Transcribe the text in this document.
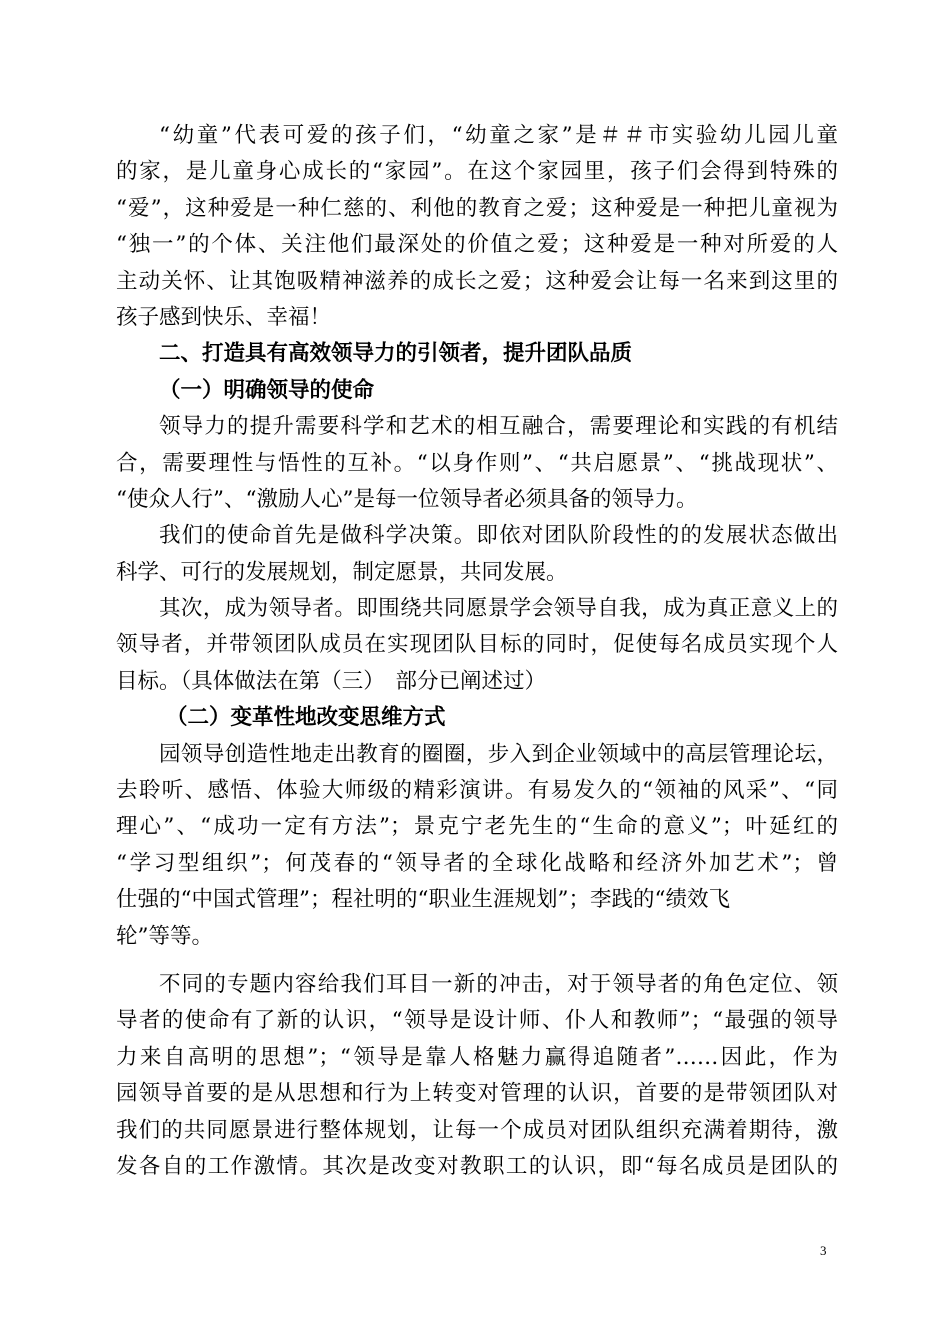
“幼童”代表可爱的孩子们，“幼童之家”是＃＃市实验幼儿园儿童
的家，是儿童身心成长的“家园”。在这个家园里，孩子们会得到特殊的
“爱”，这种爱是一种仁慈的、利他的教育之爱；这种爱是一种把儿童视为
“独一”的个体、关注他们最深处的价值之爱；这种爱是一种对所爱的人
主动关怀、让其饱吸精神滋养的成长之爱；这种爱会让每一名来到这里的
孩子感到快乐、幸福！
二、打造具有高效领导力的引领者，提升团队品质
（一）明确领导的使命
领导力的提升需要科学和艺术的相互融合，需要理论和实践的有机结
合，需要理性与悟性的互补。“以身作则”、“共启愿景”、“挑战现状”、
“使众人行”、“激励人心”是每一位领导者必须具备的领导力。
我们的使命首先是做科学决策。即依对团队阶段性的的发展状态做出
科学、可行的发展规划，制定愿景，共同发展。
其次，成为领导者。即围绕共同愿景学会领导自我，成为真正意义上的
领导者，并带领团队成员在实现团队目标的同时，促使每名成员实现个人
目标。（具体做法在第（三）　部分已阐述过）
（二）变革性地改变思维方式
园领导创造性地走出教育的圈圈，步入到企业领域中的高层管理论坛，
去聆听、感悟、体验大师级的精彩演讲。有易发久的“领袖的风采”、“同
理心”、“成功一定有方法”；景克宁老先生的“生命的意义”；叶延红的
“学习型组织”；何茂春的“领导者的全球化战略和经济外加艺术”；曾
仕强的“中国式管理”；程社明的“职业生涯规划”；李践的“绩效飞
轮”等等。
不同的专题内容给我们耳目一新的冲击，对于领导者的角色定位、领
导者的使命有了新的认识，“领导是设计师、仆人和教师”；“最强的领导
力来自高明的思想”；“领导是靠人格魅力赢得追随者”……因此，作为
园领导首要的是从思想和行为上转变对管理的认识，首要的是带领团队对
我们的共同愿景进行整体规划，让每一个成员对团队组织充满着期待，激
发各自的工作激情。其次是改变对教职工的认识，即“每名成员是团队的
3
